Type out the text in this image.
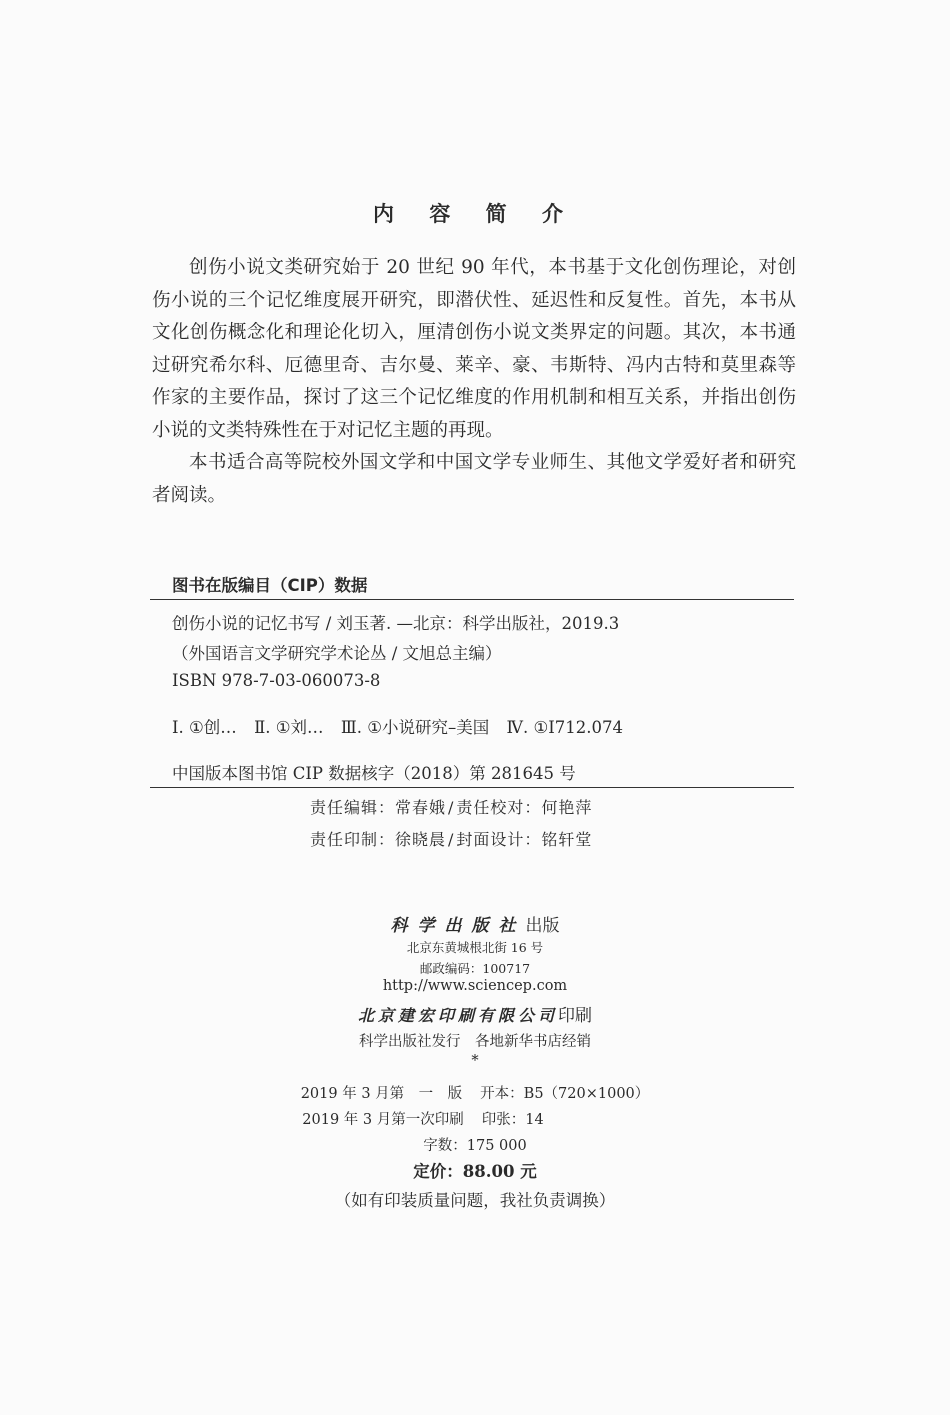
内 容 简 介

创伤小说文类研究始于 20 世纪 90 年代，本书基于文化创伤理论，对创伤小说的三个记忆维度展开研究，即潜伏性、延迟性和反复性。首先，本书从文化创伤概念化和理论化切入，厘清创伤小说文类界定的问题。其次，本书通过研究希尔科、厄德里奇、吉尔曼、莱辛、豪、韦斯特、冯内古特和莫里森等作家的主要作品，探讨了这三个记忆维度的作用机制和相互关系，并指出创伤小说的文类特殊性在于对记忆主题的再现。

本书适合高等院校外国文学和中国文学专业师生、其他文学爱好者和研究者阅读。

图书在版编目（CIP）数据
创伤小说的记忆书写 / 刘玉著. —北京：科学出版社，2019.3
（外国语言文学研究学术论丛 / 文旭总主编）
ISBN 978-7-03-060073-8
Ⅰ. ①创… Ⅱ. ①刘… Ⅲ. ①小说研究–美国 Ⅳ. ①I712.074
中国版本图书馆 CIP 数据核字（2018）第 281645 号
责任编辑：常春娥 / 责任校对：何艳萍
责任印制：徐晓晨 / 封面设计：铭轩堂
科学出版社出版
北京东黄城根北街 16 号
邮政编码：100717
http://www.sciencep.com
北京建宏印刷有限公司印刷
科学出版社发行　各地新华书店经销
*
2019 年 3 月第　一　版 开本：B5（720×1000）
2019 年 3 月第一次印刷 印张：14
字数：175 000
定价：88.00 元
（如有印装质量问题，我社负责调换）
